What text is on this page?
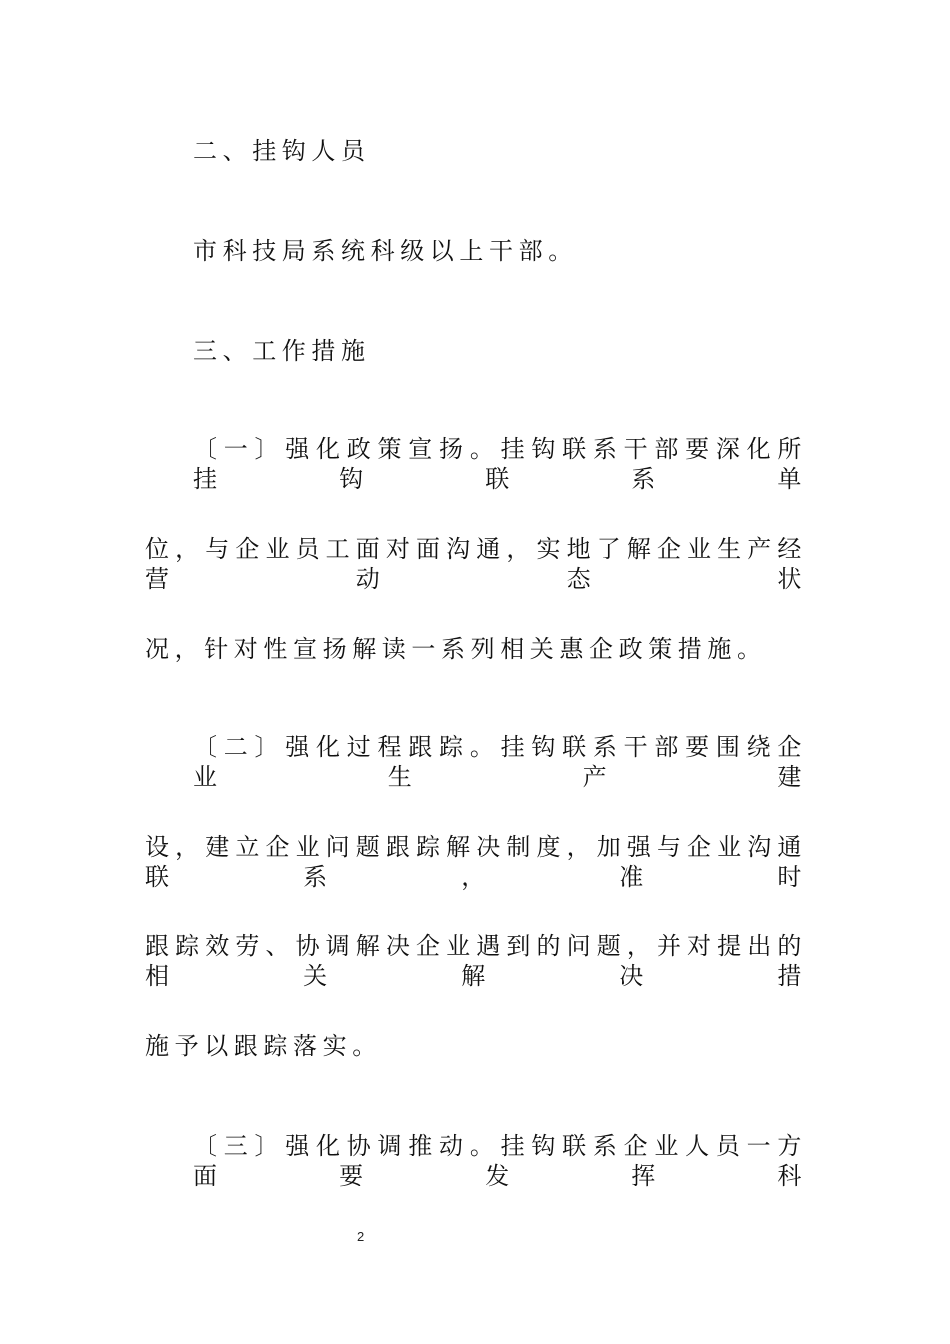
二、挂钩人员
市科技局系统科级以上干部。
三、工作措施
〔一〕强化政策宣扬。挂钩联系干部要深化所挂钩联系单
位，与企业员工面对面沟通，实地了解企业生产经营动态状
况，针对性宣扬解读一系列相关惠企政策措施。
〔二〕强化过程跟踪。挂钩联系干部要围绕企业生产建
设，建立企业问题跟踪解决制度，加强与企业沟通联系，准时
跟踪效劳、协调解决企业遇到的问题，并对提出的相关解决措
施予以跟踪落实。
〔三〕强化协调推动。挂钩联系企业人员一方面要发挥科
2
